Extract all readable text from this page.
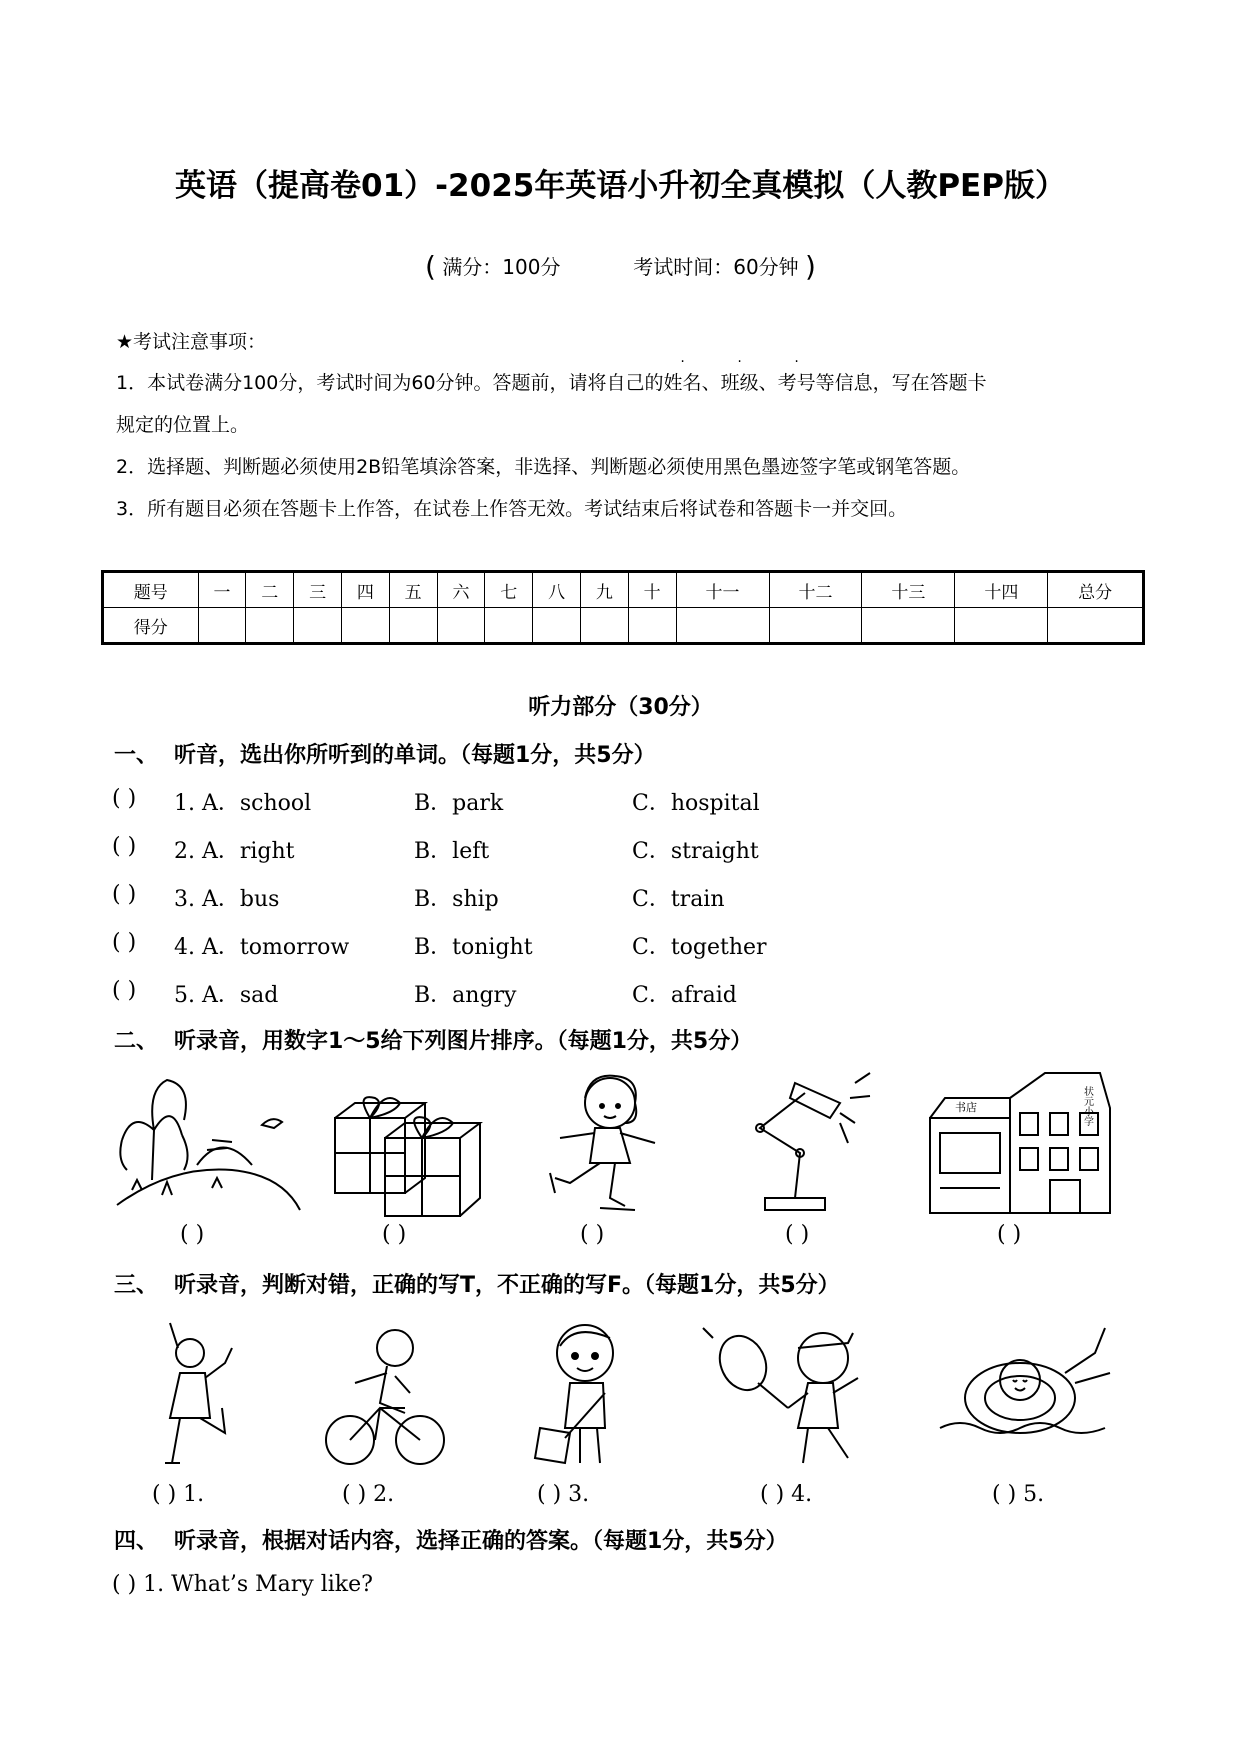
英语（提高卷01）-2025年英语小升初全真模拟（人教PEP版）
( 满分：100分	考试时间：60分钟 )
★考试注意事项：
1．本试卷满分100分，考试时间为60分钟。答题前，请将自己的姓名、班级、考号等信息，写在答题卡
规定的位置上。
2．选择题、判断题必须使用2B铅笔填涂答案，非选择、判断题必须使用黑色墨迹签字笔或钢笔答题。
3．所有题目必须在答题卡上作答，在试卷上作答无效。考试结束后将试卷和答题卡一并交回。
题号	一	二	三	四	五	六	七	八	九	十	十一	十二	十三	十四	总分
得分															
听力部分（30分）
一、 听音，选出你所听到的单词。（每题1分，共5分）
( ) 1. A．school	B．park	C．hospital
( ) 2. A．right	B．left	C．straight
( ) 3. A．bus	B．ship	C．train
( ) 4. A．tomorrow	B．tonight	C．together
( ) 5. A．sad	B．angry	C．afraid
二、 听录音，用数字1～5给下列图片排序。（每题1分，共5分）
书店	状元小学
( )	( )	( )	( )	( )
三、 听录音，判断对错，正确的写T，不正确的写F。（每题1分，共5分）
( ) 1.	( ) 2.	( ) 3.	( ) 4.	( ) 5.
四、 听录音，根据对话内容，选择正确的答案。（每题1分，共5分）
( ) 1. What’s Mary like?
